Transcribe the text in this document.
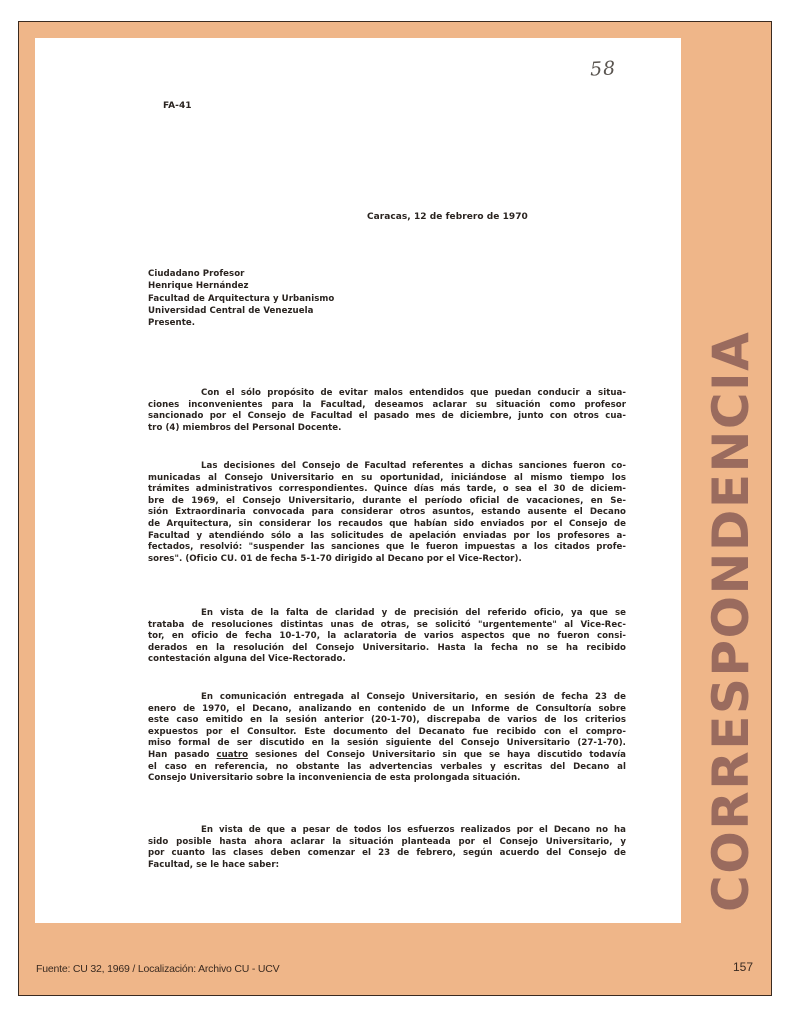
58
FA-41
Caracas, 12 de febrero de 1970
Ciudadano Profesor
Henrique Hernández
Facultad de Arquitectura y Urbanismo
Universidad Central de Venezuela
Presente.
Con el sólo propósito de evitar malos entendidos que puedan conducir a situa-
ciones inconvenientes para la Facultad, deseamos aclarar su situación como profesor
sancionado por el Consejo de Facultad el pasado mes de diciembre, junto con otros cua-
tro (4) miembros del Personal Docente.
Las decisiones del Consejo de Facultad referentes a dichas sanciones fueron co-
municadas al Consejo Universitario en su oportunidad, iniciándose al mismo tiempo los
trámites administrativos correspondientes. Quince días más tarde, o sea el 30 de diciem-
bre de 1969, el Consejo Universitario, durante el período oficial de vacaciones, en Se-
sión Extraordinaria convocada para considerar otros asuntos, estando ausente el Decano
de Arquitectura, sin considerar los recaudos que habían sido enviados por el Consejo de
Facultad y atendiéndo sólo a las solicitudes de apelación enviadas por los profesores a-
fectados, resolvió: "suspender las sanciones que le fueron impuestas a los citados profe-
sores". (Oficio CU. 01 de fecha 5-1-70 dirigido al Decano por el Vice-Rector).
En vista de la falta de claridad y de precisión del referido oficio, ya que se
trataba de resoluciones distintas unas de otras, se solicitó "urgentemente" al Vice-Rec-
tor, en oficio de fecha 10-1-70, la aclaratoria de varios aspectos que no fueron consi-
derados en la resolución del Consejo Universitario. Hasta la fecha no se ha recibido
contestación alguna del Vice-Rectorado.
En comunicación entregada al Consejo Universitario, en sesión de fecha 23 de
enero de 1970, el Decano, analizando en contenido de un Informe de Consultoría sobre
este caso emitido en la sesión anterior (20-1-70), discrepaba de varios de los criterios
expuestos por el Consultor. Este documento del Decanato fue recibido con el compro-
miso formal de ser discutido en la sesión siguiente del Consejo Universitario (27-1-70).
Han pasado cuatro sesiones del Consejo Universitario sin que se haya discutido todavía
el caso en referencia, no obstante las advertencias verbales y escritas del Decano al
Consejo Universitario sobre la inconveniencia de esta prolongada situación.
En vista de que a pesar de todos los esfuerzos realizados por el Decano no ha
sido posible hasta ahora aclarar la situación planteada por el Consejo Universitario, y
por cuanto las clases deben comenzar el 23 de febrero, según acuerdo del Consejo de
Facultad, se le hace saber:	CORRESPONDENCIA
Fuente: CU 32, 1969 / Localización: Archivo CU - UCV	157
